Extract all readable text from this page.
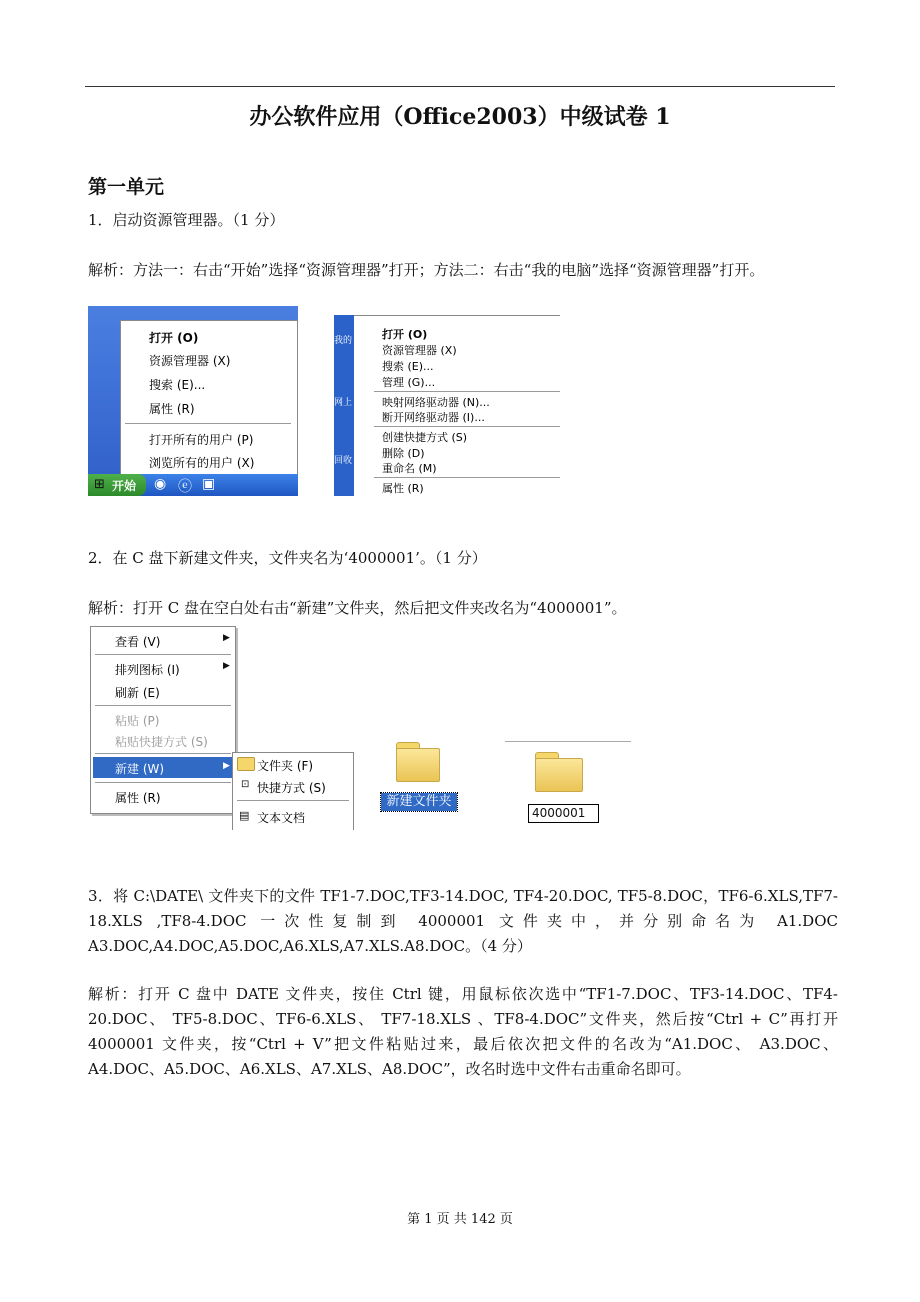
办公软件应用（Office2003）中级试卷 1
第一单元

1．启动资源管理器。（1 分）

解析：方法一：右击“开始”选择“资源管理器”打开；方法二：右击“我的电脑”选择“资源管理器”打开。

打开 (O)
资源管理器 (X)
搜索 (E)...
属性 (R)
打开所有的用户 (P)
浏览所有的用户 (X)
⊞ 开始 ◉ ⓔ ▣
我的
网上
回收
打开 (O)
资源管理器 (X)
搜索 (E)...
管理 (G)...
映射网络驱动器 (N)...
断开网络驱动器 (I)...
创建快捷方式 (S)
删除 (D)
重命名 (M)
属性 (R)

2．在 C 盘下新建文件夹，文件夹名为‘4000001’。（1 分）

解析：打开 C 盘在空白处右击“新建”文件夹，然后把文件夹改名为“4000001”。

查看 (V)	▶
排列图标 (I)	▶
刷新 (E)
粘贴 (P)
粘贴快捷方式 (S)
新建 (W)	▶
属性 (R)
文件夹 (F)
⊡ 快捷方式 (S)
▤ 文本文档
新建文件夹
4000001

3．将 C:\DATE\ 文件夹下的文件 TF1-7.DOC,TF3-14.DOC, TF4-20.DOC, TF5-8.DOC，TF6-6.XLS,TF7-18.XLS ,TF8-4.DOC 一次性复制到 4000001 文件夹中，并分别命名为 A1.DOC A3.DOC,A4.DOC,A5.DOC,A6.XLS,A7.XLS.A8.DOC。（4 分）

解析：打开 C 盘中 DATE 文件夹，按住 Ctrl 键，用鼠标依次选中“TF1-7.DOC、TF3-14.DOC、TF4-20.DOC、 TF5-8.DOC、TF6-6.XLS、 TF7-18.XLS 、TF8-4.DOC”文件夹，然后按“Ctrl + C”再打开 4000001 文件夹，按“Ctrl + V”把文件粘贴过来，最后依次把文件的名改为“A1.DOC、 A3.DOC、A4.DOC、A5.DOC、A6.XLS、A7.XLS、A8.DOC”，改名时选中文件右击重命名即可。

第 1 页 共 142 页
